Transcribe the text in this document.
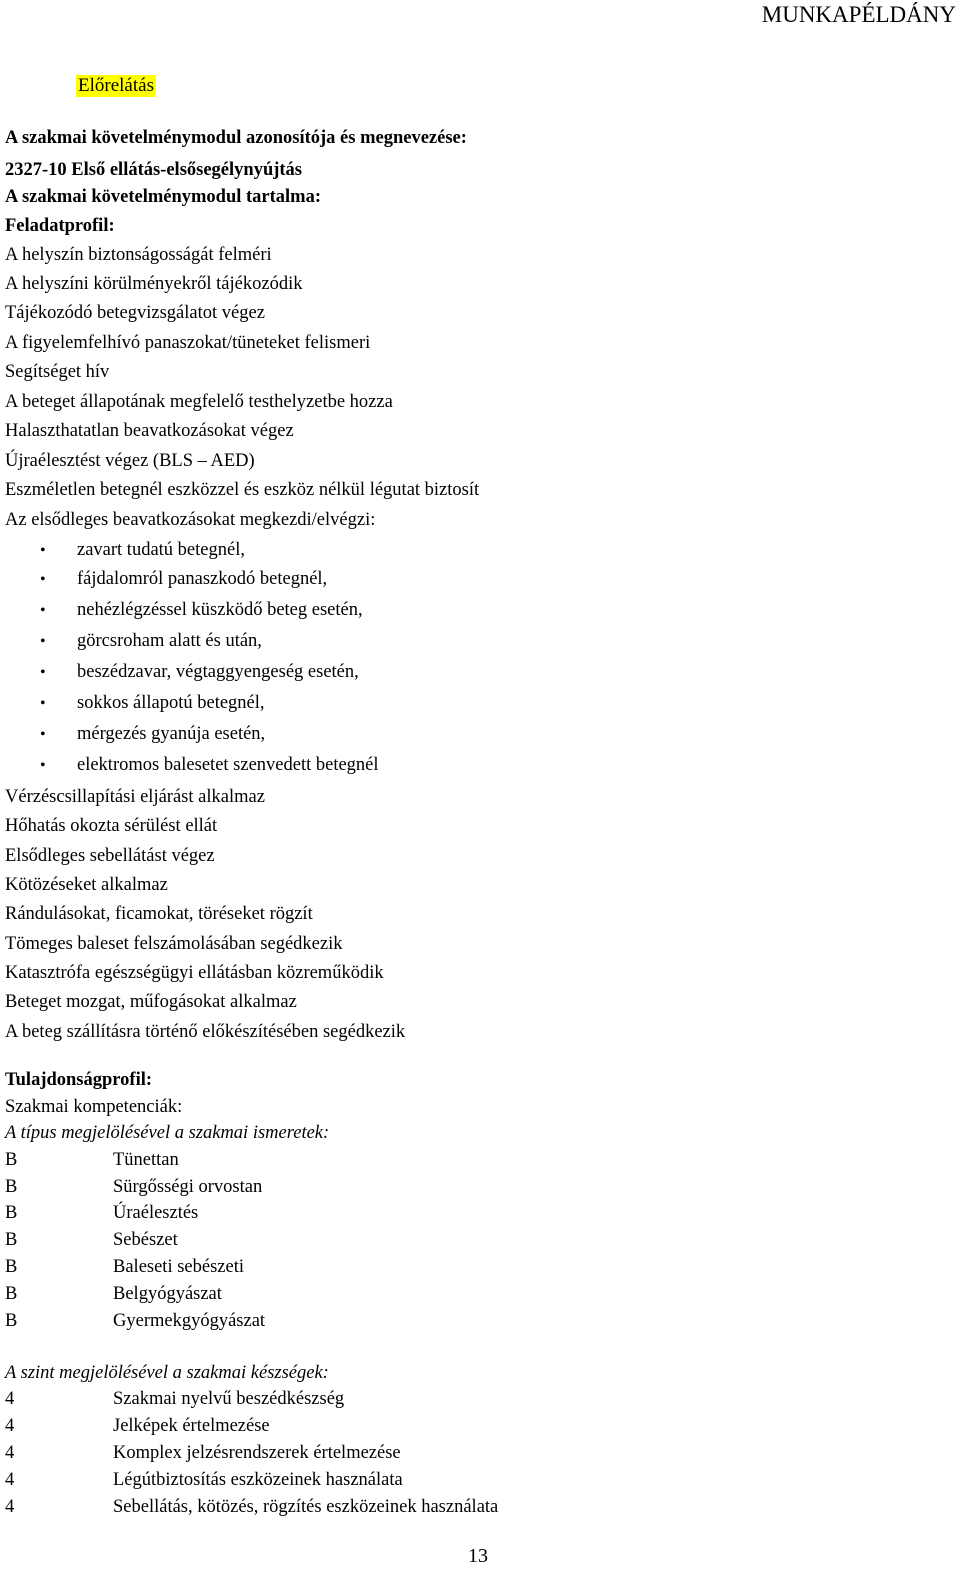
MUNKAPÉLDÁNY
Előrelátás
A szakmai követelménymodul azonosítója és megnevezése:
2327-10 Első ellátás-elsősegélynyújtás
A szakmai követelménymodul tartalma:
Feladatprofil:
A helyszín biztonságosságát felméri
A helyszíni körülményekről tájékozódik
Tájékozódó betegvizsgálatot végez
A figyelemfelhívó panaszokat/tüneteket felismeri
Segítséget hív
A beteget állapotának megfelelő testhelyzetbe hozza
Halaszthatatlan beavatkozásokat végez
Újraélesztést végez (BLS – AED)
Eszméletlen betegnél eszközzel és eszköz nélkül légutat biztosít
Az elsődleges beavatkozásokat megkezdi/elvégzi:
• zavart tudatú betegnél,
• fájdalomról panaszkodó betegnél,
• nehézlégzéssel küszködő beteg esetén,
• görcsroham alatt és után,
• beszédzavar, végtaggyengeség esetén,
• sokkos állapotú betegnél,
• mérgezés gyanúja esetén,
• elektromos balesetet szenvedett betegnél
Vérzéscsillapítási eljárást alkalmaz
Hőhatás okozta sérülést ellát
Elsődleges sebellátást végez
Kötözéseket alkalmaz
Rándulásokat, ficamokat, töréseket rögzít
Tömeges baleset felszámolásában segédkezik
Katasztrófa egészségügyi ellátásban közreműködik
Beteget mozgat, műfogásokat alkalmaz
A beteg szállításra történő előkészítésében segédkezik
Tulajdonságprofil:
Szakmai kompetenciák:
A típus megjelölésével a szakmai ismeretek:
B	Tünettan
B	Sürgősségi orvostan
B	Úraélesztés
B	Sebészet
B	Baleseti sebészeti
B	Belgyógyászat
B	Gyermekgyógyászat
A szint megjelölésével a szakmai készségek:
4	Szakmai nyelvű beszédkészség
4	Jelképek értelmezése
4	Komplex jelzésrendszerek értelmezése
4	Légútbiztosítás eszközeinek használata
4	Sebellátás, kötözés, rögzítés eszközeinek használata
13
